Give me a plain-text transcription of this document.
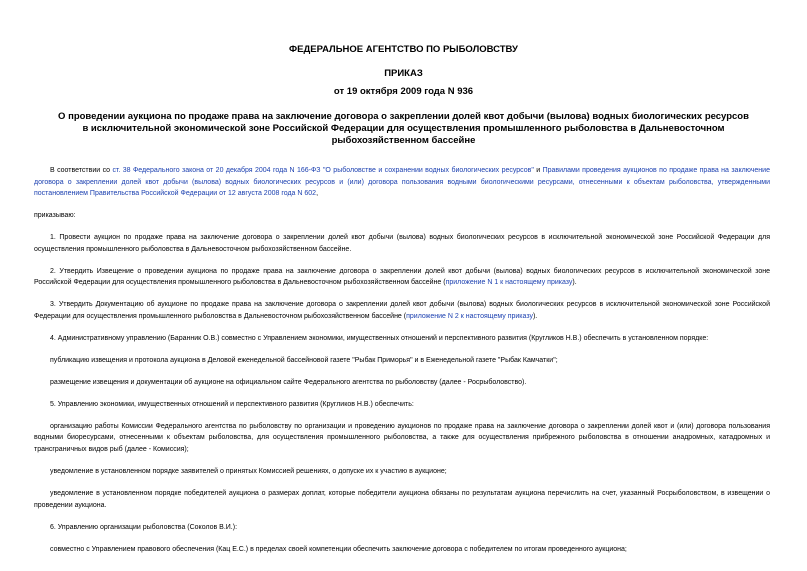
ФЕДЕРАЛЬНОЕ АГЕНТСТВО ПО РЫБОЛОВСТВУ
ПРИКАЗ
от 19 октября 2009 года N 936
О проведении аукциона по продаже права на заключение договора о закреплении долей квот добычи (вылова) водных биологических ресурсов в исключительной экономической зоне Российской Федерации для осуществления промышленного рыболовства в Дальневосточном рыбохозяйственном бассейне

В соответствии со ст. 38 Федерального закона от 20 декабря 2004 года N 166-ФЗ "О рыболовстве и сохранении водных биологических ресурсов" и Правилами проведения аукционов по продаже права на заключение договора о закреплении долей квот добычи (вылова) водных биологических ресурсов и (или) договора пользования водными биологическими ресурсами, отнесенными к объектам рыболовства, утвержденными постановлением Правительства Российской Федерации от 12 августа 2008 года N 602,

приказываю:

1. Провести аукцион по продаже права на заключение договора о закреплении долей квот добычи (вылова) водных биологических ресурсов в исключительной экономической зоне Российской Федерации для осуществления промышленного рыболовства в Дальневосточном рыбохозяйственном бассейне.

2. Утвердить Извещение о проведении аукциона по продаже права на заключение договора о закреплении долей квот добычи (вылова) водных биологических ресурсов в исключительной экономической зоне Российской Федерации для осуществления промышленного рыболовства в Дальневосточном рыбохозяйственном бассейне (приложение N 1 к настоящему приказу).

3. Утвердить Документацию об аукционе по продаже права на заключение договора о закреплении долей квот добычи (вылова) водных биологических ресурсов в исключительной экономической зоне Российской Федерации для осуществления промышленного рыболовства в Дальневосточном рыбохозяйственном бассейне (приложение N 2 к настоящему приказу).

4. Административному управлению (Баранник О.В.) совместно с Управлением экономики, имущественных отношений и перспективного развития (Кругликов Н.В.) обеспечить в установленном порядке:

публикацию извещения и протокола аукциона в Деловой еженедельной бассейновой газете "Рыбак Приморья" и в Еженедельной газете "Рыбак Камчатки";

размещение извещения и документации об аукционе на официальном сайте Федерального агентства по рыболовству (далее - Росрыболовство).

5. Управлению экономики, имущественных отношений и перспективного развития (Кругликов Н.В.) обеспечить:

организацию работы Комиссии Федерального агентства по рыболовству по организации и проведению аукционов по продаже права на заключение договора о закреплении долей квот и (или) договора пользования водными биоресурсами, отнесенными к объектам рыболовства, для осуществления промышленного рыболовства, а также для осуществления прибрежного рыболовства в отношении анадромных, катадромных и трансграничных видов рыб (далее - Комиссия);

уведомление в установленном порядке заявителей о принятых Комиссией решениях, о допуске их к участию в аукционе;

уведомление в установленном порядке победителей аукциона о размерах доплат, которые победители аукциона обязаны по результатам аукциона перечислить на счет, указанный Росрыболовством, в извещении о проведении аукциона.

6. Управлению организации рыболовства (Соколов В.И.):

совместно с Управлением правового обеспечения (Кац Е.С.) в пределах своей компетенции обеспечить заключение договора с победителем по итогам проведенного аукциона;
